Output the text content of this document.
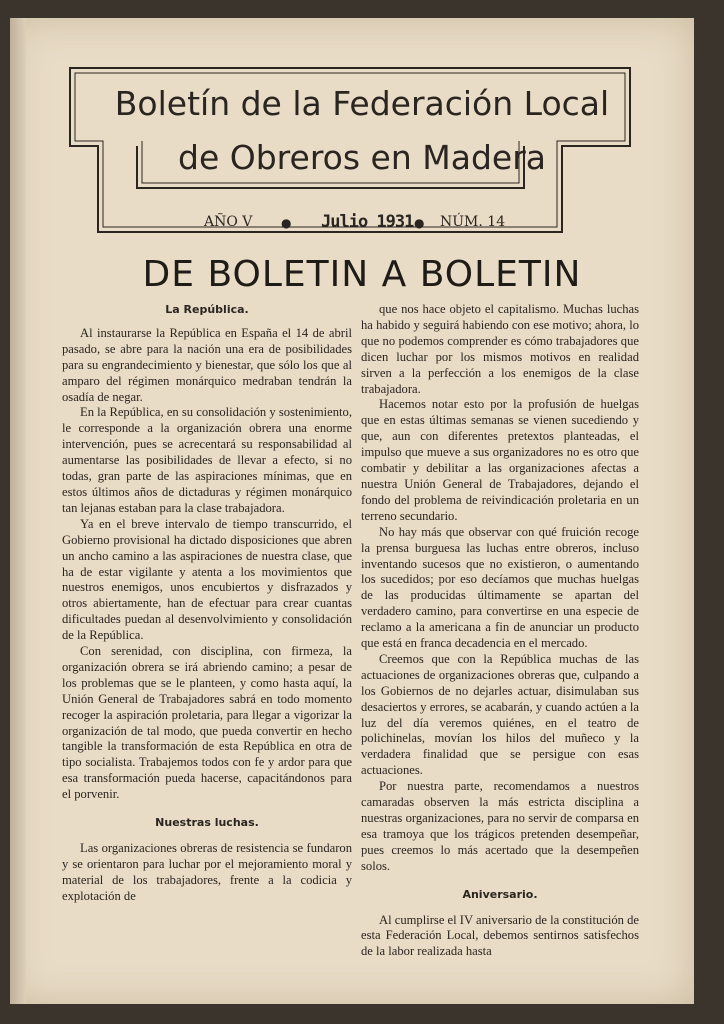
Boletín de la Federación Local
de Obreros en Madera
AÑO V ● Julio 1931 ● NÚM. 14
DE BOLETIN A BOLETIN
La República.

Al instaurarse la República en España el 14 de abril pasado, se abre para la nación una era de posibilidades para su engrandecimiento y bienestar, que sólo los que al amparo del régimen monárquico medraban tendrán la osadía de negar.

En la República, en su consolidación y sostenimiento, le corresponde a la organización obrera una enorme intervención, pues se acrecentará su responsabilidad al aumentarse las posibilidades de llevar a efecto, si no todas, gran parte de las aspiraciones mínimas, que en estos últimos años de dictaduras y régimen monárquico tan lejanas estaban para la clase trabajadora.

Ya en el breve intervalo de tiempo transcurrido, el Gobierno provisional ha dictado disposiciones que abren un ancho camino a las aspiraciones de nuestra clase, que ha de estar vigilante y atenta a los movimientos que nuestros enemigos, unos encubiertos y disfrazados y otros abiertamente, han de efectuar para crear cuantas dificultades puedan al desenvolvimiento y consolidación de la República.

Con serenidad, con disciplina, con firmeza, la organización obrera se irá abriendo camino; a pesar de los problemas que se le planteen, y como hasta aquí, la Unión General de Trabajadores sabrá en todo momento recoger la aspiración proletaria, para llegar a vigorizar la organización de tal modo, que pueda convertir en hecho tangible la transformación de esta República en otra de tipo socialista. Trabajemos todos con fe y ardor para que esa transformación pueda hacerse, capacitándonos para el porvenir.

Nuestras luchas.

Las organizaciones obreras de resistencia se fundaron y se orientaron para luchar por el mejoramiento moral y material de los trabajadores, frente a la codicia y explotación de

que nos hace objeto el capitalismo. Muchas luchas ha habido y seguirá habiendo con ese motivo; ahora, lo que no podemos comprender es cómo trabajadores que dicen luchar por los mismos motivos en realidad sirven a la perfección a los enemigos de la clase trabajadora.

Hacemos notar esto por la profusión de huelgas que en estas últimas semanas se vienen sucediendo y que, aun con diferentes pretextos planteadas, el impulso que mueve a sus organizadores no es otro que combatir y debilitar a las organizaciones afectas a nuestra Unión General de Trabajadores, dejando el fondo del problema de reivindicación proletaria en un terreno secundario.

No hay más que observar con qué fruición recoge la prensa burguesa las luchas entre obreros, incluso inventando sucesos que no existieron, o aumentando los sucedidos; por eso decíamos que muchas huelgas de las producidas últimamente se apartan del verdadero camino, para convertirse en una especie de reclamo a la americana a fin de anunciar un producto que está en franca decadencia en el mercado.

Creemos que con la República muchas de las actuaciones de organizaciones obreras que, culpando a los Gobiernos de no dejarles actuar, disimulaban sus desaciertos y errores, se acabarán, y cuando actúen a la luz del día veremos quiénes, en el teatro de polichinelas, movían los hilos del muñeco y la verdadera finalidad que se persigue con esas actuaciones.

Por nuestra parte, recomendamos a nuestros camaradas observen la más estricta disciplina a nuestras organizaciones, para no servir de comparsa en esa tramoya que los trágicos pretenden desempeñar, pues creemos lo más acertado que la desempeñen solos.

Aniversario.

Al cumplirse el IV aniversario de la constitución de esta Federación Local, debemos sentirnos satisfechos de la labor realizada hasta
